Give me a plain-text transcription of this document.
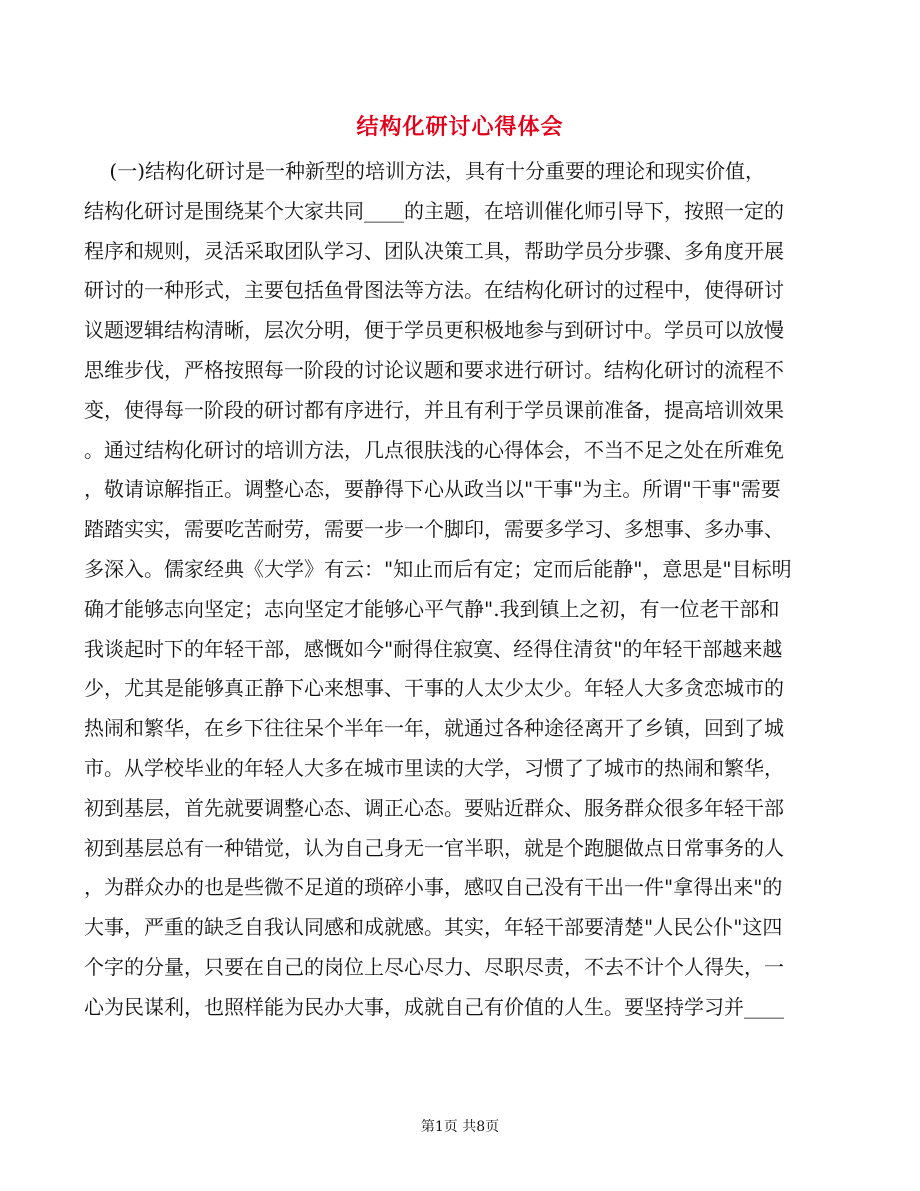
结构化研讨心得体会
(一)结构化研讨是一种新型的培训方法，具有十分重要的理论和现实价值，
结构化研讨是围绕某个大家共同____的主题，在培训催化师引导下，按照一定的
程序和规则，灵活采取团队学习、团队决策工具，帮助学员分步骤、多角度开展
研讨的一种形式，主要包括鱼骨图法等方法。在结构化研讨的过程中，使得研讨
议题逻辑结构清晰，层次分明，便于学员更积极地参与到研讨中。学员可以放慢
思维步伐，严格按照每一阶段的讨论议题和要求进行研讨。结构化研讨的流程不
变，使得每一阶段的研讨都有序进行，并且有利于学员课前准备，提高培训效果
。通过结构化研讨的培训方法，几点很肤浅的心得体会，不当不足之处在所难免
，敬请谅解指正。调整心态，要静得下心从政当以"干事"为主。所谓"干事"需要
踏踏实实，需要吃苦耐劳，需要一步一个脚印，需要多学习、多想事、多办事、
多深入。儒家经典《大学》有云："知止而后有定；定而后能静"，意思是"目标明
确才能够志向坚定；志向坚定才能够心平气静".我到镇上之初，有一位老干部和
我谈起时下的年轻干部，感慨如今"耐得住寂寞、经得住清贫"的年轻干部越来越
少，尤其是能够真正静下心来想事、干事的人太少太少。年轻人大多贪恋城市的
热闹和繁华，在乡下往往呆个半年一年，就通过各种途径离开了乡镇，回到了城
市。从学校毕业的年轻人大多在城市里读的大学，习惯了了城市的热闹和繁华，
初到基层，首先就要调整心态、调正心态。要贴近群众、服务群众很多年轻干部
初到基层总有一种错觉，认为自己身无一官半职，就是个跑腿做点日常事务的人
，为群众办的也是些微不足道的琐碎小事，感叹自己没有干出一件"拿得出来"的
大事，严重的缺乏自我认同感和成就感。其实，年轻干部要清楚"人民公仆"这四
个字的分量，只要在自己的岗位上尽心尽力、尽职尽责，不去不计个人得失，一
心为民谋利，也照样能为民办大事，成就自己有价值的人生。要坚持学习并____
第1页 共8页
